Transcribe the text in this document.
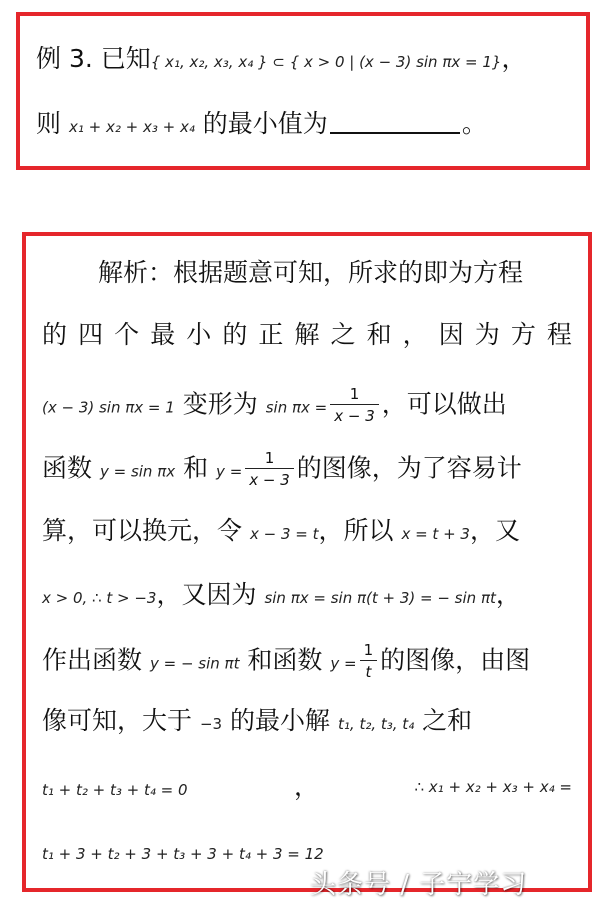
例 3. 已知{ x₁, x₂, x₃, x₄ } ⊂ { x > 0 | (x − 3) sin πx = 1}，
则 x₁ + x₂ + x₃ + x₄ 的最小值为	。
解析：根据题意可知，所求的即为方程
的 四 个 最 小 的 正 解 之 和 ， 因 为 方 程
(x − 3) sin πx = 1 变形为 $\sin \pi x = \frac{1}{x - 3}$ ，可以做出
函数 y = sin πx 和 $y = \frac{1}{x - 3}$ 的图像，为了容易计
算，可以换元，令 x − 3 = t，所以 x = t + 3，又
x > 0, ∴ t > −3，又因为 sin πx = sin π(t + 3) = − sin πt，
作出函数 y = − sin πt 和函数 $y = \frac{1}{t}$ 的图像，由图
像可知，大于 −3 的最小解 t₁, t₂, t₃, t₄ 之和
t₁ + t₂ + t₃ + t₄ = 0	，	∴ x₁ + x₂ + x₃ + x₄ =
t₁ + 3 + t₂ + 3 + t₃ + 3 + t₄ + 3 = 12
头条号 / 子宁学习
